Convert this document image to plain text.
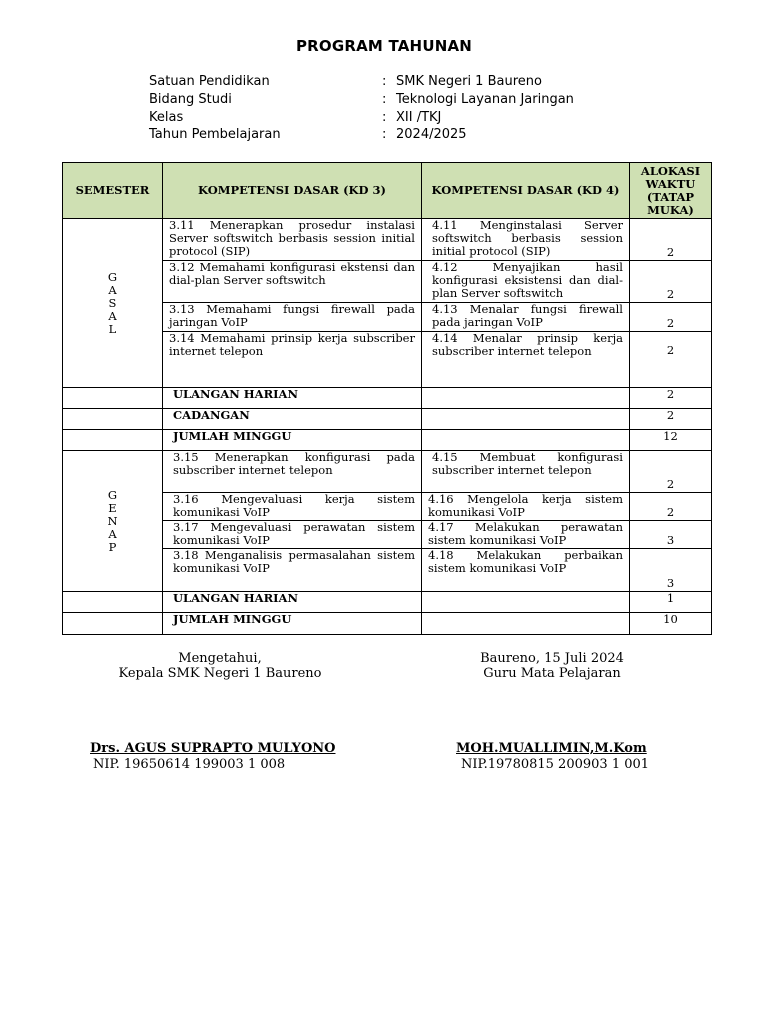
PROGRAM TAHUNAN
Satuan Pendidikan	: SMK Negeri 1 Baureno
Bidang Studi	: Teknologi Layanan Jaringan
Kelas	: XII /TKJ
Tahun Pembelajaran	: 2024/2025
SEMESTER	KOMPETENSI DASAR (KD 3)	KOMPETENSI DASAR (KD 4)	ALOKASI WAKTU (TATAP MUKA)

G
A
S
A
L	3.11 Menerapkan prosedur instalasi Server softswitch berbasis session initial protocol (SIP)	4.11 Menginstalasi Server softswitch berbasis session initial protocol (SIP)	2
	3.12 Memahami konfigurasi ekstensi dan dial-plan Server softswitch	4.12 Menyajikan hasil konfigurasi eksistensi dan dial-plan Server softswitch	2
	3.13 Memahami fungsi firewall pada jaringan VoIP	4.13 Menalar fungsi firewall pada jaringan VoIP	2
	3.14 Memahami prinsip kerja subscriber internet telepon	4.14 Menalar prinsip kerja subscriber internet telepon	2
	ULANGAN HARIAN		2
	CADANGAN		2
	JUMLAH MINGGU		12

G
E
N
A
P	3.15 Menerapkan konfigurasi pada subscriber internet telepon	4.15 Membuat konfigurasi subscriber internet telepon	2
	3.16 Mengevaluasi kerja sistem komunikasi VoIP	4.16 Mengelola kerja sistem komunikasi VoIP	2
	3.17 Mengevaluasi perawatan sistem komunikasi VoIP	4.17 Melakukan perawatan sistem komunikasi VoIP	3
	3.18 Menganalisis permasalahan sistem komunikasi VoIP	4.18 Melakukan perbaikan sistem komunikasi VoIP	3
	ULANGAN HARIAN		1
	JUMLAH MINGGU		10
Mengetahui,
Kepala SMK Negeri 1 Baureno
Baureno, 15 Juli 2024
Guru Mata Pelajaran
Drs. AGUS SUPRAPTO MULYONO
NIP. 19650614 199003 1 008
MOH.MUALLIMIN,M.Kom
NIP.19780815 200903 1 001
